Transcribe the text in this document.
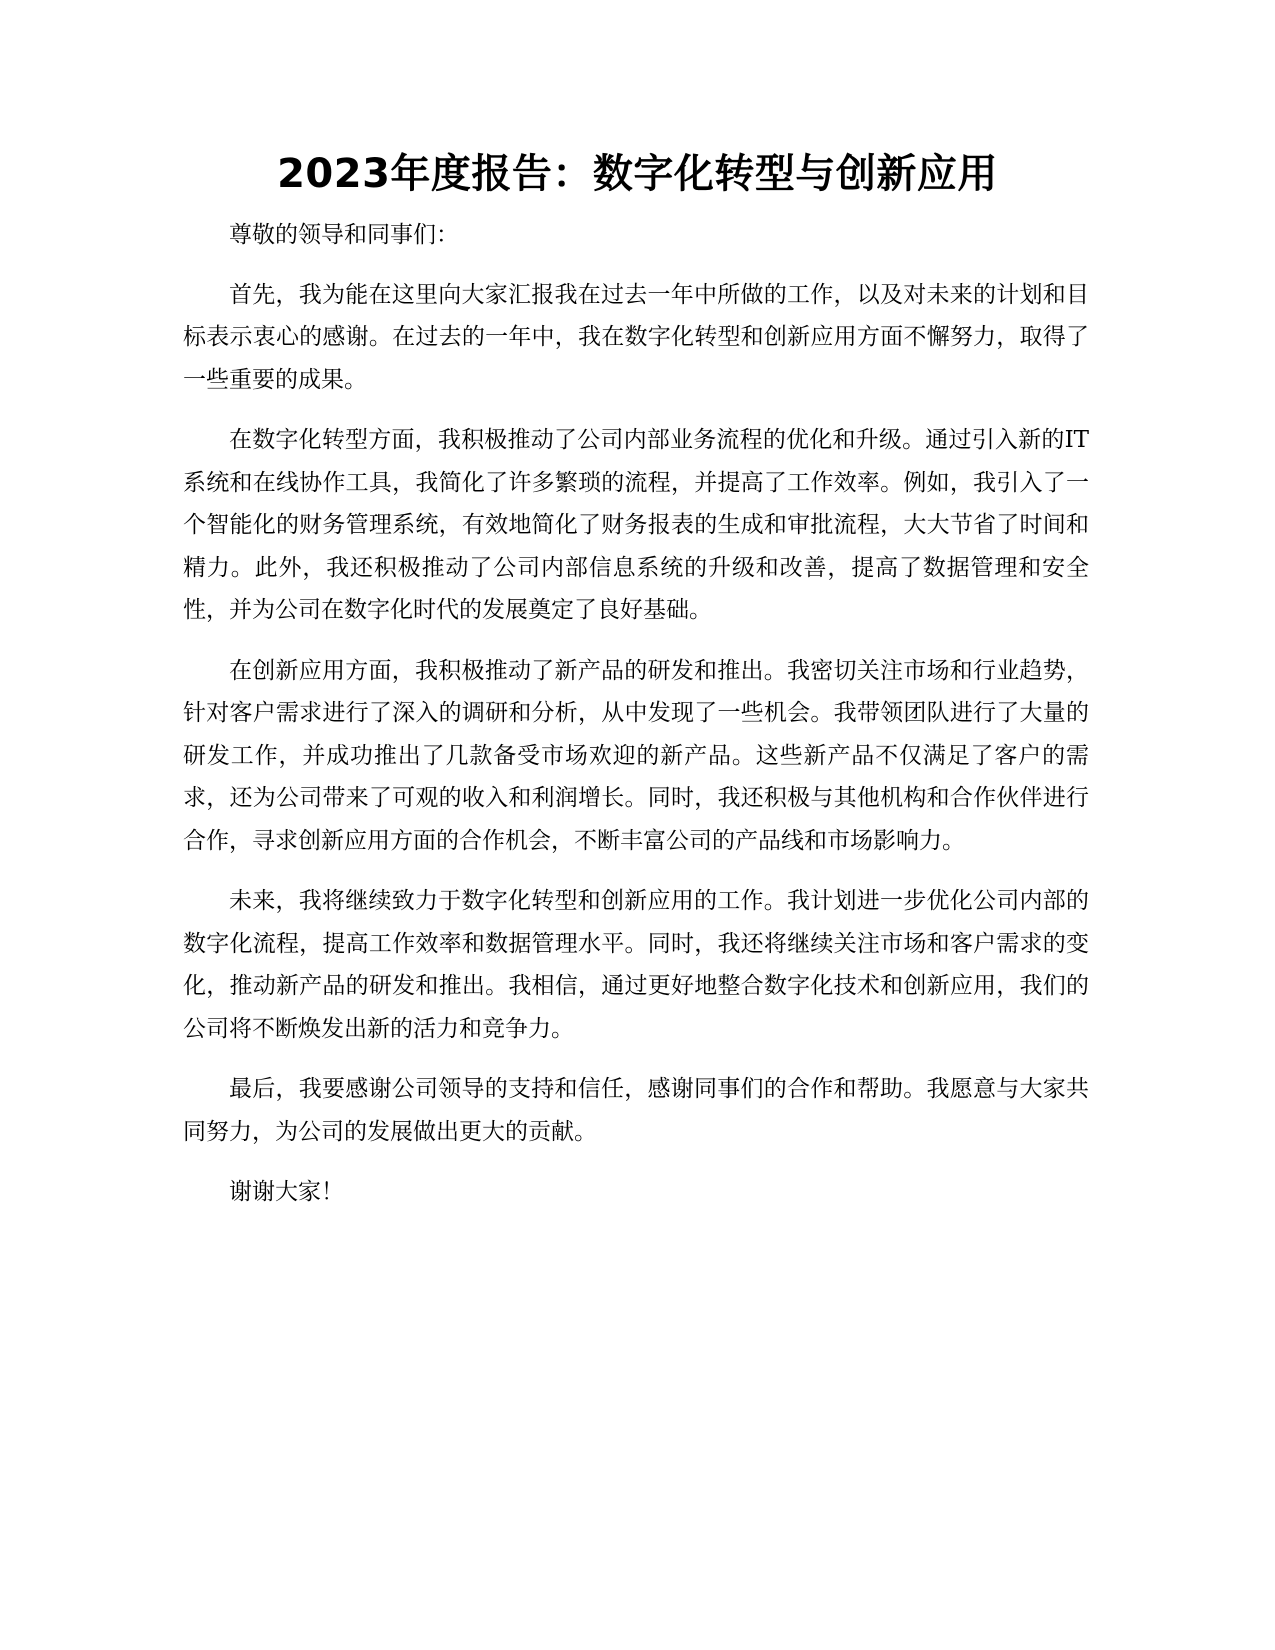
2023年度报告：数字化转型与创新应用

尊敬的领导和同事们：

首先，我为能在这里向大家汇报我在过去一年中所做的工作，以及对未来的计划和目标表示衷心的感谢。在过去的一年中，我在数字化转型和创新应用方面不懈努力，取得了一些重要的成果。

在数字化转型方面，我积极推动了公司内部业务流程的优化和升级。通过引入新的IT系统和在线协作工具，我简化了许多繁琐的流程，并提高了工作效率。例如，我引入了一个智能化的财务管理系统，有效地简化了财务报表的生成和审批流程，大大节省了时间和精力。此外，我还积极推动了公司内部信息系统的升级和改善，提高了数据管理和安全性，并为公司在数字化时代的发展奠定了良好基础。

在创新应用方面，我积极推动了新产品的研发和推出。我密切关注市场和行业趋势，针对客户需求进行了深入的调研和分析，从中发现了一些机会。我带领团队进行了大量的研发工作，并成功推出了几款备受市场欢迎的新产品。这些新产品不仅满足了客户的需求，还为公司带来了可观的收入和利润增长。同时，我还积极与其他机构和合作伙伴进行合作，寻求创新应用方面的合作机会，不断丰富公司的产品线和市场影响力。

未来，我将继续致力于数字化转型和创新应用的工作。我计划进一步优化公司内部的数字化流程，提高工作效率和数据管理水平。同时，我还将继续关注市场和客户需求的变化，推动新产品的研发和推出。我相信，通过更好地整合数字化技术和创新应用，我们的公司将不断焕发出新的活力和竞争力。

最后，我要感谢公司领导的支持和信任，感谢同事们的合作和帮助。我愿意与大家共同努力，为公司的发展做出更大的贡献。

谢谢大家！
